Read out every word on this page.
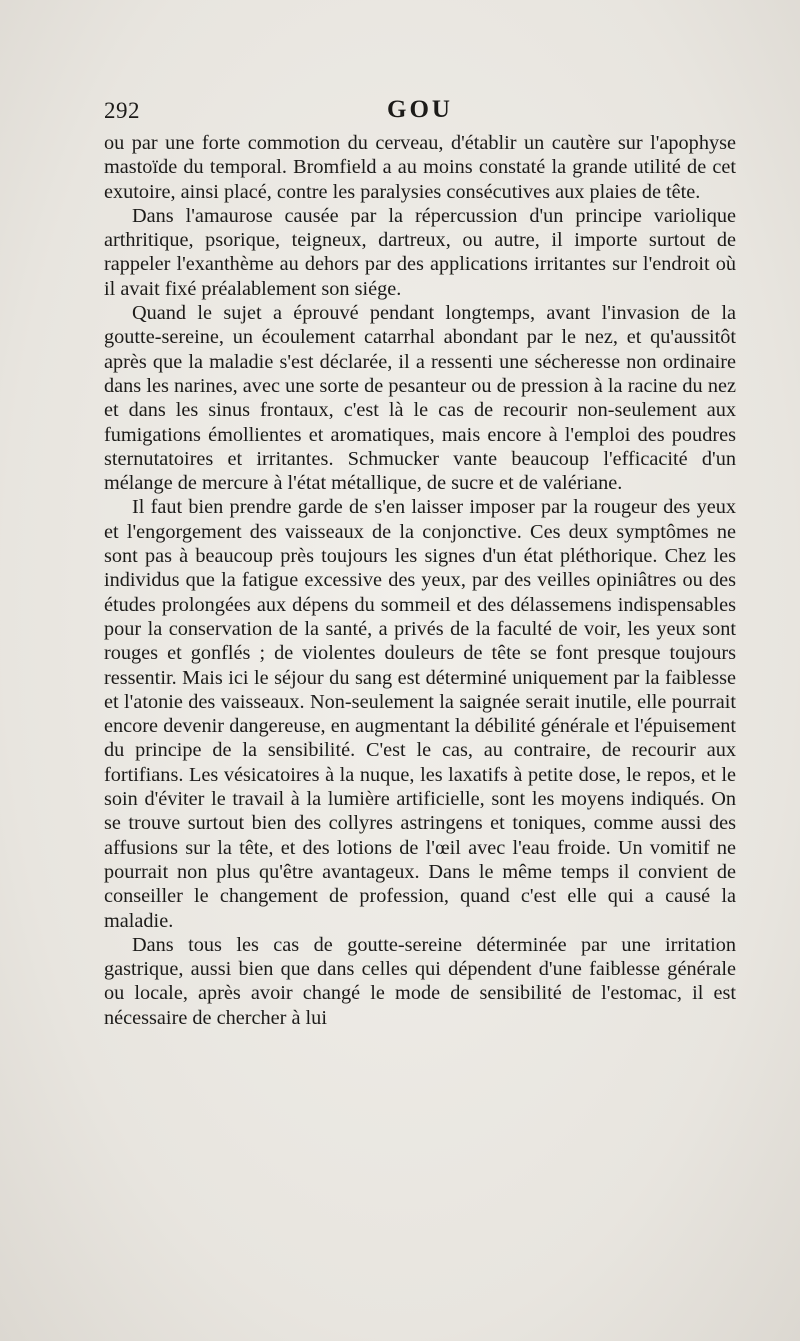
292	GOU

ou par une forte commotion du cerveau, d'établir un cautère sur l'apophyse mastoïde du temporal. Bromfield a au moins constaté la grande utilité de cet exutoire, ainsi placé, contre les paralysies consécutives aux plaies de tête.

Dans l'amaurose causée par la répercussion d'un principe variolique arthritique, psorique, teigneux, dartreux, ou autre, il importe surtout de rappeler l'exanthème au dehors par des applications irritantes sur l'endroit où il avait fixé préalablement son siége.

Quand le sujet a éprouvé pendant longtemps, avant l'invasion de la goutte-sereine, un écoulement catarrhal abondant par le nez, et qu'aussitôt après que la maladie s'est déclarée, il a ressenti une sécheresse non ordinaire dans les narines, avec une sorte de pesanteur ou de pression à la racine du nez et dans les sinus frontaux, c'est là le cas de recourir non-seulement aux fumigations émollientes et aromatiques, mais encore à l'emploi des poudres sternutatoires et irritantes. Schmucker vante beaucoup l'efficacité d'un mélange de mercure à l'état métallique, de sucre et de valériane.

Il faut bien prendre garde de s'en laisser imposer par la rougeur des yeux et l'engorgement des vaisseaux de la conjonctive. Ces deux symptômes ne sont pas à beaucoup près toujours les signes d'un état pléthorique. Chez les individus que la fatigue excessive des yeux, par des veilles opiniâtres ou des études prolongées aux dépens du sommeil et des délassemens indispensables pour la conservation de la santé, a privés de la faculté de voir, les yeux sont rouges et gonflés ; de violentes douleurs de tête se font presque toujours ressentir. Mais ici le séjour du sang est déterminé uniquement par la faiblesse et l'atonie des vaisseaux. Non-seulement la saignée serait inutile, elle pourrait encore devenir dangereuse, en augmentant la débilité générale et l'épuisement du principe de la sensibilité. C'est le cas, au contraire, de recourir aux fortifians. Les vésicatoires à la nuque, les laxatifs à petite dose, le repos, et le soin d'éviter le travail à la lumière artificielle, sont les moyens indiqués. On se trouve surtout bien des collyres astringens et toniques, comme aussi des affusions sur la tête, et des lotions de l'œil avec l'eau froide. Un vomitif ne pourrait non plus qu'être avantageux. Dans le même temps il convient de conseiller le changement de profession, quand c'est elle qui a causé la maladie.

Dans tous les cas de goutte-sereine déterminée par une irritation gastrique, aussi bien que dans celles qui dépendent d'une faiblesse générale ou locale, après avoir changé le mode de sensibilité de l'estomac, il est nécessaire de chercher à lui
